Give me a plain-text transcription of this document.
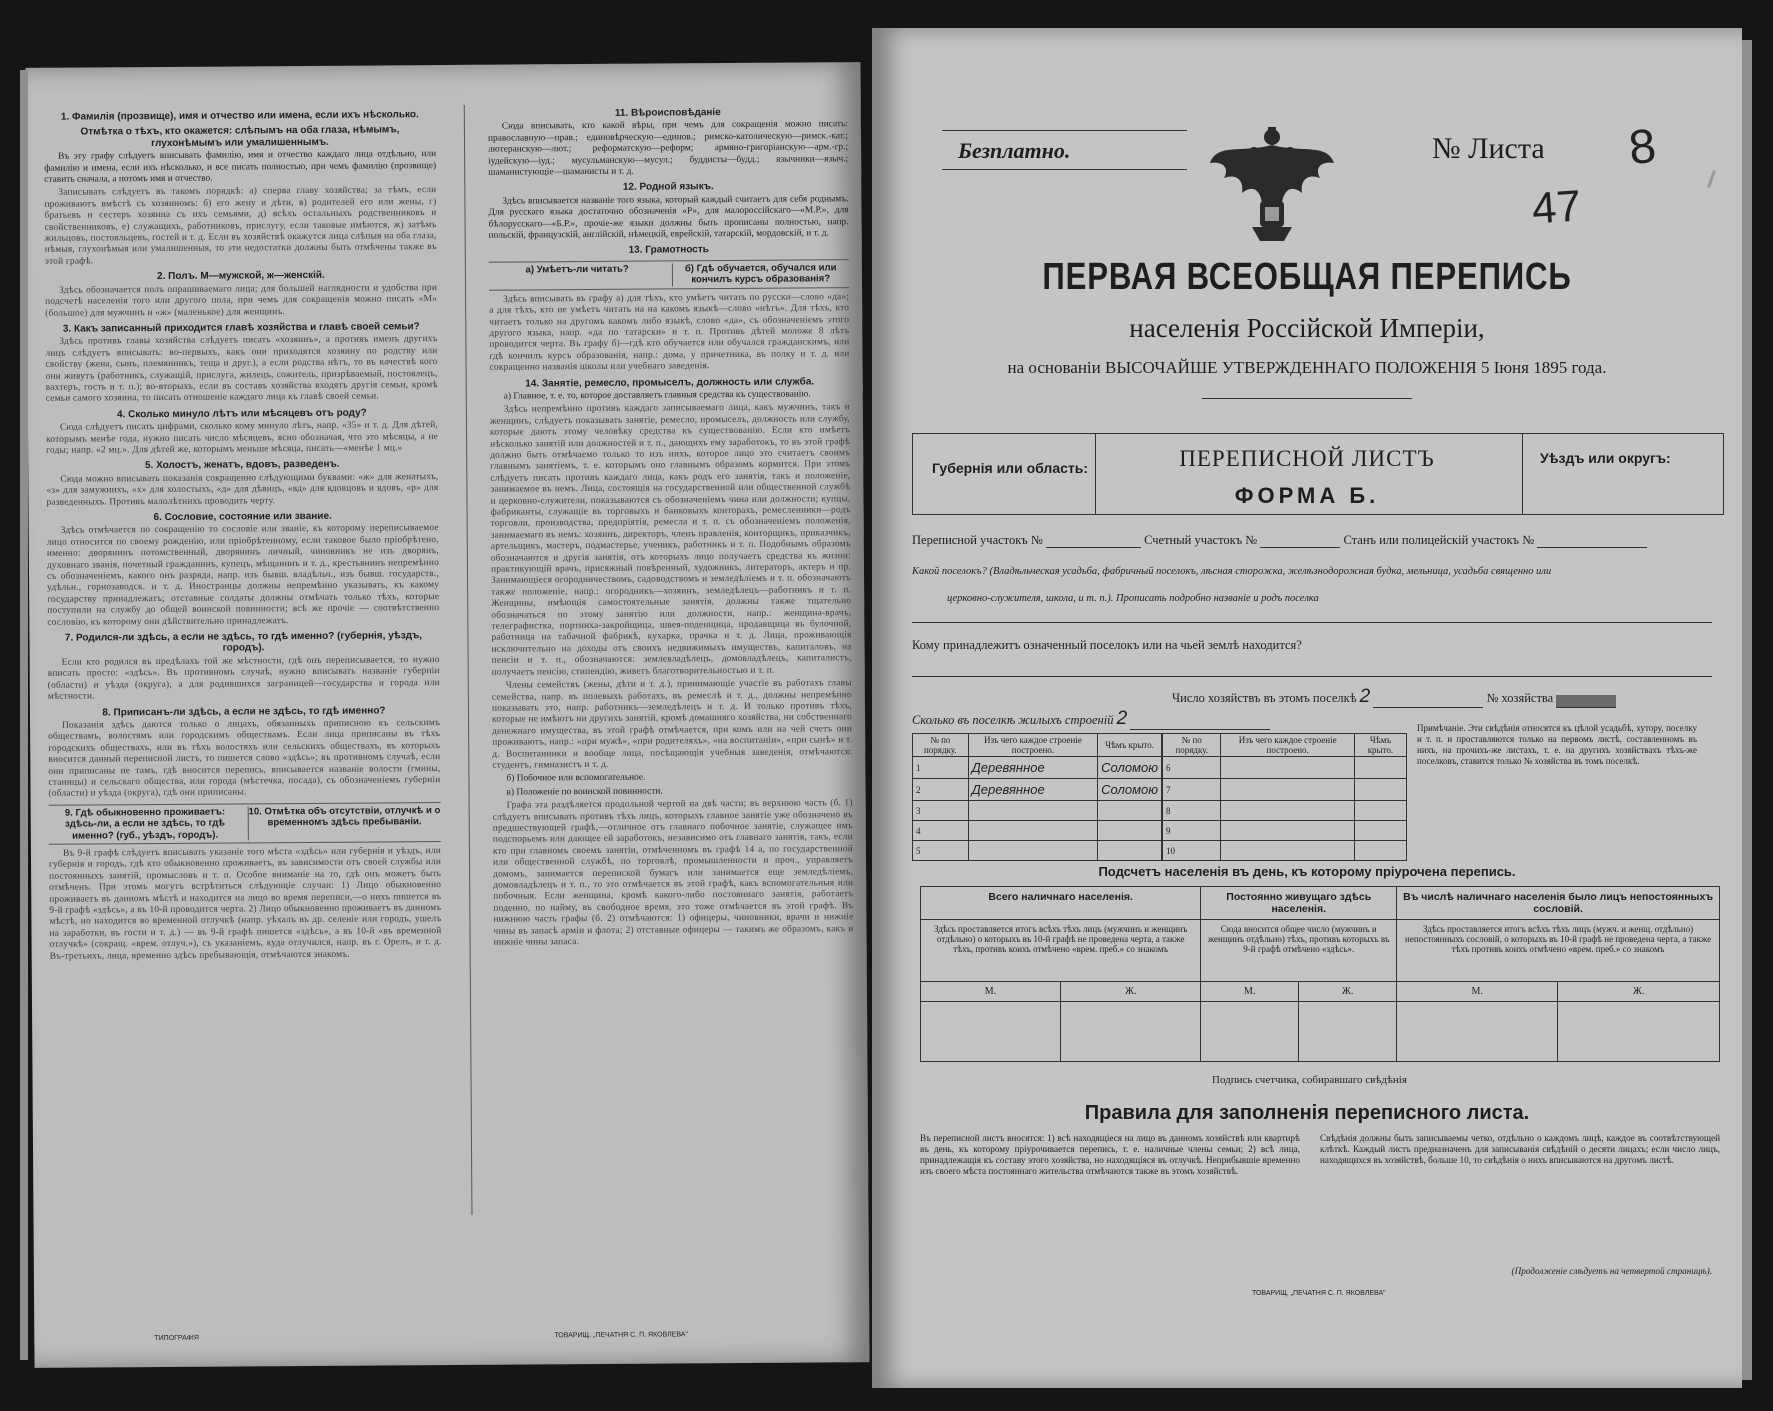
1. Фамилія (прозвище), имя и отчество или имена, если ихъ нѣсколько.
Отмѣтка о тѣхъ, кто окажется: слѣпымъ на оба глаза, нѣмымъ, глухонѣмымъ или умалишеннымъ.

Въ эту графу слѣдуетъ вписывать фамилію, имя и отчество каждаго лица отдѣльно, или фамилію и имена, если ихъ нѣсколько, и все писать полностью, при чемъ фамилію (прозвище) ставить сначала, а потомъ имя и отчество.

Записывать слѣдуетъ въ такомъ порядкѣ: а) сперва главу хозяйства; за тѣмъ, если проживаютъ вмѣстѣ съ хозяиномъ: б) его жену и дѣти, в) родителей его или жены, г) братьевъ и сестеръ хозяина съ ихъ семьями, д) всѣхъ остальныхъ родственниковъ и свойственниковъ, е) служащихъ, работниковъ, прислугу, если таковые имѣются, ж) затѣмъ жильцовъ, постояльцевъ, гостей и т. д. Если въ хозяйствѣ окажутся лица слѣпыя на оба глаза, нѣмыя, глухонѣмыя или умалишенныя, то эти недостатки должны быть отмѣчены также въ этой графѣ.

2. Полъ. М—мужской, ж—женскій.

Здѣсь обозначается полъ опрашиваемаго лица; для большей наглядности и удобства при подсчетѣ населенія того или другого пола, при чемъ для сокращенія можно писать «М» (большое) для мужчинъ и «ж» (маленькое) для женщинъ.

3. Какъ записанный приходится главѣ хозяйства и главѣ своей семьи?

Здѣсь противъ главы хозяйства слѣдуетъ писать «хозяинъ», а противъ именъ другихъ лицъ слѣдуетъ вписывать: во-первыхъ, какъ они приходятся хозяину по родству или свойству (жена, сынъ, племянникъ, теща и друг.), а если родства нѣтъ, то въ качествѣ кого они живутъ (работникъ, служащій, прислуга, жилецъ, сожитель, призрѣваемый, постоялецъ, вахтеръ, гость и т. п.); во-вторыхъ, если въ составъ хозяйства входятъ другія семьи, кромѣ семьи самого хозяина, то писать отношеніе каждаго лица къ главѣ своей семьи.

4. Сколько минуло лѣтъ или мѣсяцевъ отъ роду?

Сюда слѣдуетъ писать цифрами, сколько кому минуло лѣтъ, напр. «35» и т. д. Для дѣтей, которымъ менѣе года, нужно писать число мѣсяцевъ, ясно обозначая, что это мѣсяцы, а не годы; напр. «2 мц.». Для дѣтей же, которымъ меньше мѣсяца, писать—«менѣе 1 мц.»

5. Холостъ, женатъ, вдовъ, разведенъ.

Сюда можно вписывать показанія сокращенно слѣдующими буквами: «ж» для женатыхъ, «з» для замужнихъ, «х» для холостыхъ, «д» для дѣвицъ, «вд» для вдовцовъ и вдовъ, «р» для разведенныхъ. Противъ малолѣтнихъ проводить черту.

6. Сословие, состояние или звание.

Здѣсь отмѣчается по сокращенію то сословіе или званіе, къ которому переписываемое лицо относится по своему рожденію, или пріобрѣтенному, если таковое было пріобрѣтено, именно: дворянинъ потомственный, дворянинъ личный, чиновникъ не изъ дворянъ, духовнаго званія, почетный гражданинъ, купецъ, мѣщанинъ и т. д., крестьянинъ непремѣнно съ обозначеніемъ, какого онъ разряда, напр. изъ бывш. владѣльч., изъ бывш. государств., удѣльн., горнозаводск. и т. д. Иностранцы должны непремѣнно указывать, къ какому государству принадлежатъ; отставные солдаты должны отмѣчать только тѣхъ, которые поступили на службу до общей воинской повинности; всѣ же прочіе — соотвѣтственно сословію, къ которому они дѣйствительно принадлежатъ.

7. Родился-ли здѣсь, а если не здѣсь, то гдѣ именно? (губернія, уѣздъ, городъ).

Если кто родился въ предѣлахъ той же мѣстности, гдѣ онъ переписывается, то нужно вписать просто: «здѣсь». Въ противномъ случаѣ, нужно вписывать названіе губерніи (области) и уѣзда (округа), а для родившихся заграницей—государства и города или мѣстности.

8. Приписанъ-ли здѣсь, а если не здѣсь, то гдѣ именно?

Показанія здѣсь даются только о лицахъ, обязанныхъ приписною къ сельскимъ обществамъ, волостямъ или городскимъ обществамъ. Если лица приписаны въ тѣхъ городскихъ обществахъ, или въ тѣхъ волостяхъ или сельскихъ обществахъ, въ которыхъ вносится данный переписной листъ, то пишется слово «здѣсь»; въ противномъ случаѣ, если они приписаны не тамъ, гдѣ вносится перепись, вписывается названіе волости (гмины, станицы) и сельскаго общества, или города (мѣстечка, посада), съ обозначеніемъ губерніи (области) и уѣзда (округа), гдѣ они приписаны.

9. Гдѣ обыкновенно проживаетъ: здѣсь-ли, а если не здѣсь, то гдѣ именно? (губ., уѣздъ, городъ).
10. Отмѣтка объ отсутствіи, отлучкѣ и о временномъ здѣсь пребываніи.

Въ 9-й графѣ слѣдуетъ вписывать указаніе того мѣста «здѣсь» или губернія и уѣздъ, или губернія и городъ, гдѣ кто обыкновенно проживаетъ, въ зависимости отъ своей службы или постоянныхъ занятій, промысловъ и т. п. Особое вниманіе на то, гдѣ онъ можетъ быть отмѣченъ. При этомъ могутъ встрѣтиться слѣдующіе случаи: 1) Лицо обыкновенно проживаетъ въ данномъ мѣстѣ и находится на лицо во время переписи,—о нихъ пишется въ 9-й графѣ «здѣсь», а въ 10-й проводится черта. 2) Лицо обыкновенно проживаетъ въ данномъ мѣстѣ, но находится во временной отлучкѣ (напр. уѣхалъ въ др. селеніе или городъ, ушелъ на заработки, въ гости и т. д.) — въ 9-й графѣ пишется «здѣсь», а въ 10-й «въ временной отлучкѣ» (сокращ. «врем. отлуч.»), съ указаніемъ, куда отлучился, напр. въ г. Орелъ, и т. д. Въ-третьихъ, лица, временно здѣсь пребывающія, отмѣчаются знакомъ.

11. Вѣроисповѣданіе

Сюда вписывать, кто какой вѣры, при чемъ для сокращенія можно писать: православную—прав.; единовѣрческую—единов.; римско-католическую—римск.-кат.; лютеранскую—лют.; реформатскую—реформ; армяно-григоріанскую—арм.-гр.; іудейскую—іуд.; мусульманскую—мусул.; буддисты—будд.; язычники—языч.; шаманистующіе—шаманисты и т. д.

12. Родной языкъ.

Здѣсь вписывается названіе того языка, который каждый считаетъ для себя роднымъ. Для русскаго языка достаточно обозначенія «Р», для малороссійскаго—«М.Р.», для бѣлорусскаго—«Б.Р.», прочіе-же языки должны быть прописаны полностью, напр. польскій, французскій, англійскій, нѣмецкій, еврейскій, татарскій, мордовскій, и т. д.

13. Грамотность
а) Умѣетъ-ли читать?	б) Гдѣ обучается, обучался или кончилъ курсъ образованія?

Здѣсь вписывать въ графу а) для тѣхъ, кто умѣетъ читать по русски—слово «да»; а для тѣхъ, кто не умѣетъ читать на на какомъ языкѣ—слово «нѣтъ». Для тѣхъ, кто читаетъ только на другомъ какомъ либо языкѣ, слово «да», съ обозначеніемъ этого другого языка, напр. «да по татарски» и т. п. Противъ дѣтей моложе 8 лѣтъ проводится черта. Въ графу б)—гдѣ кто обучается или обучался гражданскимъ, или гдѣ кончилъ курсъ образованія, напр.: дома, у причетника, въ полку и т. д. или сокращенно названія школы или учебнаго заведенія.

14. Занятіе, ремесло, промыселъ, должность или служба.

а) Главное, т. е. то, которое доставляетъ главныя средства къ существованію.

Здѣсь непремѣнно противъ каждаго записываемаго лица, какъ мужчинъ, такъ и женщинъ, слѣдуетъ показывать занятіе, ремесло, промыселъ, должность или службу, которые даютъ этому человѣку средства къ существованію. Если кто имѣетъ нѣсколько занятій или должностей и т. п., дающихъ ему заработокъ, то въ этой графѣ должно быть отмѣчаемо только то изъ нихъ, которое лицо это считаетъ своимъ главнымъ занятіемъ, т. е. которымъ оно главнымъ образомъ кормится. При этомъ слѣдуетъ писать противъ каждаго лица, какъ родъ его занятія, такъ и положеніе, занимаемое въ немъ. Лица, состоящія на государственной или общественной службѣ и церковно-служители, показываются съ обозначеніемъ чина или должности; купцы, фабриканты, служащіе въ торговыхъ и банковыхъ конторахъ, ремесленники—родъ торговли, производства, предпріятія, ремесла и т. п. съ обозначеніемъ положенія, занимаемаго въ немъ: хозяинъ, директоръ, членъ правленія, конторщикъ, приказчикъ, артельщикъ, мастеръ, подмастерье, ученикъ, работникъ и т. п. Подобнымъ образомъ обозначаются и другія занятія, отъ которыхъ лицо получаетъ средства къ жизни: практикующій врачъ, присяжный повѣренный, художникъ, литераторъ, актеръ и пр. Занимающіеся огородничествомъ, садоводствомъ и земледѣліемъ и т. п. обозначаютъ также положеніе, напр.: огородникъ—хозяинъ, земледѣлецъ—работникъ и т. п. Женщины, имѣющія самостоятельные занятія, должны также тщательно обозначаться по этому занятію или должности, напр.: женщина-врачъ, телеграфистка, портниха-закройщица, швея-поденщица, продавщица въ булочной, работница на табачной фабрикѣ, кухарка, прачка и т. д. Лица, проживающія исключительно на доходы отъ своихъ недвижимыхъ имуществъ, капиталовъ, на пенсіи и т. п., обозначаются: землевладѣлецъ, домовладѣлецъ, капиталистъ, получаетъ пенсію, стипендію, живетъ благотворительностью и т. п.

Члены семействъ (жены, дѣти и т. д.), принимающіе участіе въ работахъ главы семейства, напр. въ полевыхъ работахъ, въ ремеслѣ и т. д., должны непремѣнно показывать это, напр. работникъ—земледѣлецъ и т. д. И только противъ тѣхъ, которые не имѣютъ ни другихъ занятій, кромѣ домашняго хозяйства, ни собственнаго денежнаго имущества, въ этой графѣ отмѣчается, при комъ или на чей счетъ они проживаютъ, напр.: «при мужѣ», «при родителяхъ», «на воспитаніи», «при сынѣ» и т. д. Воспитанники и вообще лица, посѣщающія учебныя заведенія, отмѣчаются: студентъ, гимназистъ и т. д.

б) Побочное или вспомогательное.

в) Положеніе по воинской повинности.

Графа эта раздѣляется продольной чертой на двѣ части; въ верхнюю часть (б. 1) слѣдуетъ вписывать противъ тѣхъ лицъ, которыхъ главное занятіе уже обозначено въ предшествующей графѣ,—отличное отъ главнаго побочное занятіе, служащее имъ подспорьемъ или дающее ей заработокъ, независимо отъ главнаго занятія, такъ, если кто при главномъ своемъ занятіи, отмѣченномъ въ графѣ 14 а, по государственной или общественной службѣ, по торговлѣ, промышленности и проч., управляетъ домомъ, занимается перепиской бумагъ или занимается еще земледѣліемъ, домовладѣлецъ и т. п., то это отмѣчается въ этой графѣ, какъ вспомогательныя или побочныя. Если женщина, кромѣ какого-либо постояннаго занятія, работаетъ поденно, по найму, въ свободное время, это тоже отмѣчается въ этой графѣ. Въ нижнюю часть графы (б. 2) отмѣчаются: 1) офицеры, чиновники, врачи и нижніе чины въ запасѣ арміи и флота; 2) отставные офицеры — такимъ же образомъ, какъ и нижніе чины запаса.

ТИПОГРАФІЯ	ТОВАРИЩ. „ПЕЧАТНЯ С. П. ЯКОВЛЕВА"
Безплатно.	№ Листа 8
47
ПЕРВАЯ ВСЕОБЩАЯ ПЕРЕПИСЬ
населенія Россійской Имперіи,
на основаніи ВЫСОЧАЙШЕ УТВЕРЖДЕННАГО ПОЛОЖЕНІЯ 5 Іюня 1895 года.
Губернія или область:	ПЕРЕПИСНОЙ ЛИСТЪ
ФОРМА Б.
Уѣздъ или округъ:
Переписной участокъ №	Счетный участокъ №	Станъ или полицейскій участокъ №
Какой поселокъ? (Владѣльческая усадьба, фабричный поселокъ, лѣсная сторожка, желѣзнодорожная будка, мельница, усадьба священно или
церковно-служителя, школа, и т. п.). Прописать подробно названіе и родъ поселка
Кому принадлежитъ означенный поселокъ или на чьей землѣ находится?
Число хозяйствъ въ этомъ поселкѣ 2	№ хозяйства
Сколько въ поселкѣ жилыхъ строеній 2
№ по порядку.	Изъ чего каждое строеніе построено.	Чѣмъ крыто.
1	Деревянное	Соломою
2	Деревянное	Соломою
3		
4		
5		
№ по порядку.	Изъ чего каждое строеніе построено.	Чѣмъ крыто.
6		
7		
8		
9		
10		
Примѣчаніе. Эти свѣдѣнія относятся къ цѣлой усадьбѣ, хутору, поселку и т. п. и проставляются только на первомъ листѣ, составленномъ въ нихъ, на прочихъ-же листахъ, т. е. на другихъ хозяйствахъ тѣхъ-же поселковъ, ставится только № хозяйства въ томъ поселкѣ.
Подсчетъ населенія въ день, къ которому пріурочена перепись.
Всего наличнаго населенія.		Постоянно живущаго здѣсь населенія.		Въ числѣ наличнаго населенія было лицъ непостоянныхъ сословій.	
Здѣсь проставляется итогъ всѣхъ тѣхъ лицъ (мужчинъ и женщинъ отдѣльно) о которыхъ въ 10-й графѣ не проведена черта, а также тѣхъ, противъ коихъ отмѣчено «врем. преб.» со знакомъ		Сюда вносится общее число (мужчинъ и женщинъ отдѣльно) тѣхъ, противъ которыхъ въ 9-й графѣ отмѣчено «здѣсь».		Здѣсь проставляется итогъ всѣхъ тѣхъ лицъ (мужч. и женщ. отдѣльно) непостоянныхъ сословій, о которыхъ въ 10-й графѣ не проведена черта, а также тѣхъ противъ коихъ отмѣчено «врем. преб.» со знакомъ	
М.	Ж.	М.	Ж.	М.	Ж.

Подпись счетчика, собиравшаго свѣдѣнія
Правила для заполненія переписного листа.
Въ переписной листъ вносятся: 1) всѣ находящіеся на лицо въ данномъ хозяйствѣ или квартирѣ въ день, къ которому пріурочивается перепись, т. е. наличные члены семьи; 2) всѣ лица, принадлежащія къ составу этого хозяйства, но находящіяся въ отлучкѣ. Неприбывшіе временно изъ своего мѣста постояннаго жительства отмѣчаются также въ этомъ хозяйствѣ.
Свѣдѣнія должны быть записываемы четко, отдѣльно о каждомъ лицѣ, каждое въ соотвѣтствующей клѣткѣ. Каждый листъ предназначенъ для записыванія свѣдѣній о десяти лицахъ; если число лицъ, находящихся въ хозяйствѣ, больше 10, то свѣдѣнія о нихъ вписываются на другомъ листѣ.
(Продолженіе слѣдуетъ на четвертой страницѣ).
ТОВАРИЩ. „ПЕЧАТНЯ С. П. ЯКОВЛЕВА"
